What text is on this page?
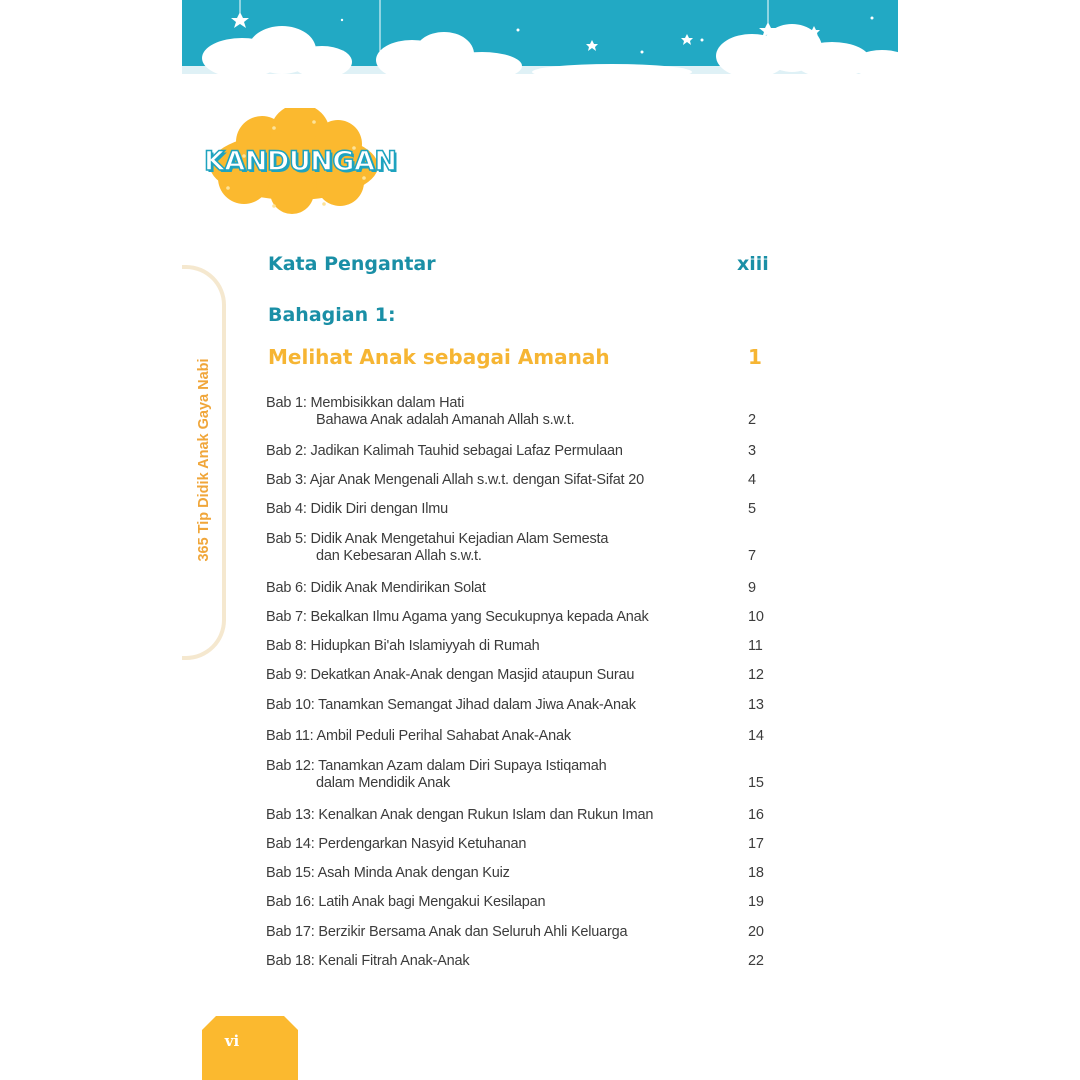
KANDUNGAN
365 Tip Didik Anak Gaya Nabi
Kata Pengantar	xiii
Bahagian 1:
Melihat Anak sebagai Amanah	1
Bab 1: Membisikkan dalam Hati
Bahawa Anak adalah Amanah Allah s.w.t.	2
Bab 2: Jadikan Kalimah Tauhid sebagai Lafaz Permulaan	3
Bab 3: Ajar Anak Mengenali Allah s.w.t. dengan Sifat-Sifat 20	4
Bab 4: Didik Diri dengan Ilmu	5
Bab 5: Didik Anak Mengetahui Kejadian Alam Semesta
dan Kebesaran Allah s.w.t.	7
Bab 6: Didik Anak Mendirikan Solat	9
Bab 7: Bekalkan Ilmu Agama yang Secukupnya kepada Anak	10
Bab 8: Hidupkan Bi'ah Islamiyyah di Rumah	11
Bab 9: Dekatkan Anak-Anak dengan Masjid ataupun Surau	12
Bab 10: Tanamkan Semangat Jihad dalam Jiwa Anak-Anak	13
Bab 11: Ambil Peduli Perihal Sahabat Anak-Anak	14
Bab 12: Tanamkan Azam dalam Diri Supaya Istiqamah
dalam Mendidik Anak	15
Bab 13: Kenalkan Anak dengan Rukun Islam dan Rukun Iman	16
Bab 14: Perdengarkan Nasyid Ketuhanan	17
Bab 15: Asah Minda Anak dengan Kuiz	18
Bab 16: Latih Anak bagi Mengakui Kesilapan	19
Bab 17: Berzikir Bersama Anak dan Seluruh Ahli Keluarga	20
Bab 18: Kenali Fitrah Anak-Anak	22
vi
